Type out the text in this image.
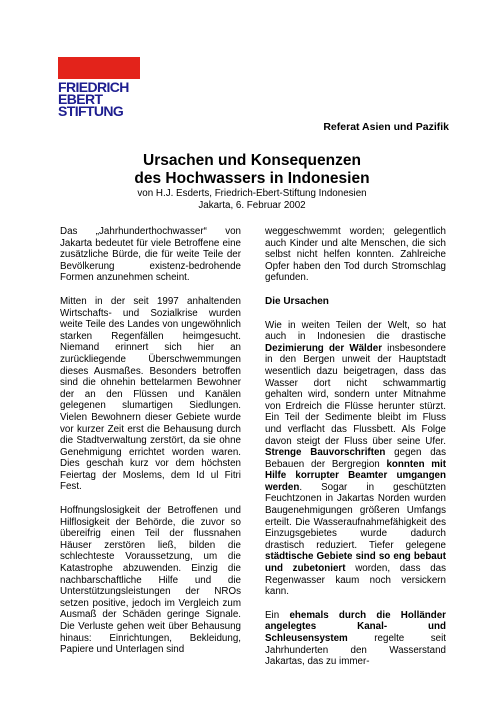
FRIEDRICH
EBERT
STIFTUNG
Referat Asien und Pazifik
Ursachen und Konsequenzen
des Hochwassers in Indonesien
von H.J. Esderts, Friedrich-Ebert-Stiftung Indonesien
Jakarta, 6. Februar 2002

Das „Jahrhunderthochwasser“ von Jakarta bedeutet für viele Betroffene eine zusätzliche Bürde, die für weite Teile der Bevölkerung existenz-bedrohende Formen anzunehmen scheint.

Mitten in der seit 1997 anhaltenden Wirtschafts- und Sozialkrise wurden weite Teile des Landes von ungewöhnlich starken Regenfällen heimgesucht. Niemand erinnert sich hier an zurückliegende Überschwemmungen dieses Ausmaßes. Besonders betroffen sind die ohnehin bettelarmen Bewohner der an den Flüssen und Kanälen gelegenen slumartigen Siedlungen. Vielen Bewohnern dieser Gebiete wurde vor kurzer Zeit erst die Behausung durch die Stadtverwaltung zerstört, da sie ohne Genehmigung errichtet worden waren. Dies geschah kurz vor dem höchsten Feiertag der Moslems, dem Id ul Fitri Fest.

Hoffnungslosigkeit der Betroffenen und Hilflosigkeit der Behörde, die zuvor so übereifrig einen Teil der flussnahen Häuser zerstören ließ, bilden die schlechteste Voraussetzung, um die Katastrophe abzuwenden. Einzig die nachbarschaftliche Hilfe und die Unterstützungsleistungen der NROs setzen positive, jedoch im Vergleich zum Ausmaß der Schäden geringe Signale. Die Verluste gehen weit über Behausung hinaus: Einrichtungen, Bekleidung, Papiere und Unterlagen sind

weggeschwemmt worden; gelegentlich auch Kinder und alte Menschen, die sich selbst nicht helfen konnten. Zahlreiche Opfer haben den Tod durch Stromschlag gefunden.

Die Ursachen

Wie in weiten Teilen der Welt, so hat auch in Indonesien die drastische Dezimierung der Wälder insbesondere in den Bergen unweit der Hauptstadt wesentlich dazu beigetragen, dass das Wasser dort nicht schwammartig gehalten wird, sondern unter Mitnahme von Erdreich die Flüsse herunter stürzt. Ein Teil der Sedimente bleibt im Fluss und verflacht das Flussbett. Als Folge davon steigt der Fluss über seine Ufer. Strenge Bauvorschriften gegen das Bebauen der Bergregion konnten mit Hilfe korrupter Beamter umgangen werden. Sogar in geschützten Feuchtzonen in Jakartas Norden wurden Baugenehmigungen größeren Umfangs erteilt. Die Wasseraufnahmefähigkeit des Einzugsgebietes wurde dadurch drastisch reduziert. Tiefer gelegene städtische Gebiete sind so eng bebaut und zubetoniert worden, dass das Regenwasser kaum noch versickern kann.

Ein ehemals durch die Holländer angelegtes Kanal- und Schleusensystem regelte seit Jahrhunderten den Wasserstand Jakartas, das zu immer-
